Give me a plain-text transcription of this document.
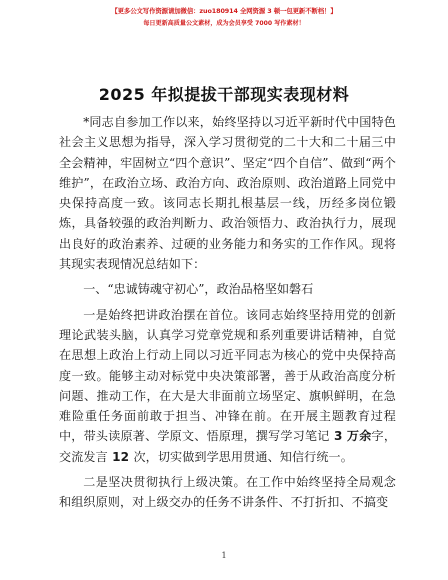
【更多公文写作资源请加微信：zuo180914 全网资源 3 顿一包更新不断档！】
每日更新高质量公文素材，成为会员享受 7000 写作素材！
2025 年拟提拔干部现实表现材料

*同志自参加工作以来，始终坚持以习近平新时代中国特色社会主义思想为指导，深入学习贯彻党的二十大和二十届三中全会精神，牢固树立“四个意识”、坚定“四个自信”、做到“两个维护”，在政治立场、政治方向、政治原则、政治道路上同党中央保持高度一致。该同志长期扎根基层一线，历经多岗位锻炼，具备较强的政治判断力、政治领悟力、政治执行力，展现出良好的政治素养、过硬的业务能力和务实的工作作风。现将其现实表现情况总结如下：

一、“忠诚铸魂守初心”，政治品格坚如磐石

一是始终把讲政治摆在首位。该同志始终坚持用党的创新理论武装头脑，认真学习党章党规和系列重要讲话精神，自觉在思想上政治上行动上同以习近平同志为核心的党中央保持高度一致。能够主动对标党中央决策部署，善于从政治高度分析问题、推动工作，在大是大非面前立场坚定、旗帜鲜明，在急难险重任务面前敢于担当、冲锋在前。在开展主题教育过程中，带头读原著、学原文、悟原理，撰写学习笔记 3 万余字，交流发言 12 次，切实做到学思用贯通、知信行统一。

二是坚决贯彻执行上级决策。在工作中始终坚持全局观念和组织原则，对上级交办的任务不讲条件、不打折扣、不搞变

1
